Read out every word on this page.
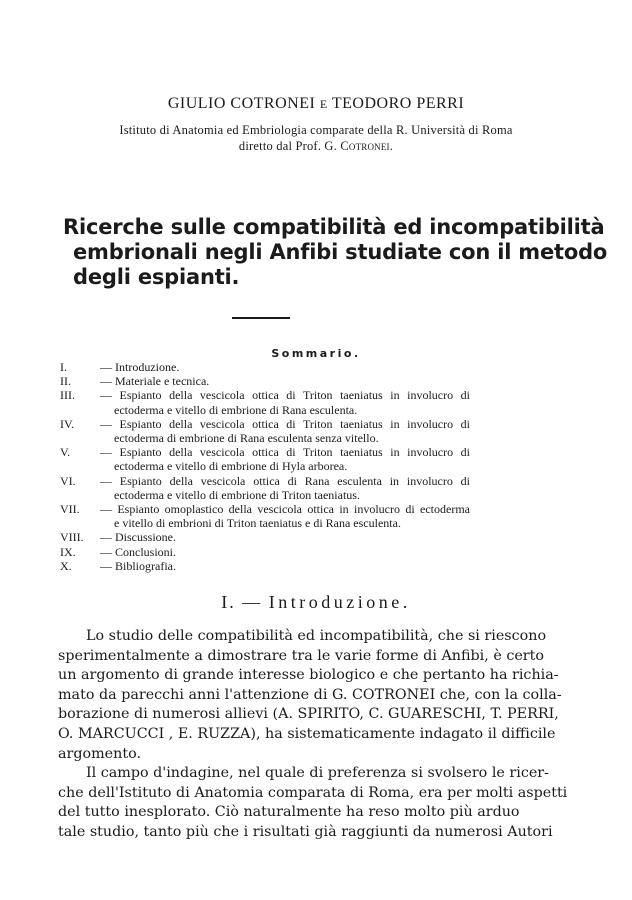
GIULIO COTRONEI E TEODORO PERRI
Istituto di Anatomia ed Embriologia comparate della R. Università di Roma
diretto dal Prof. G. Cotronei.
Ricerche sulle compatibilità ed incompatibilità
embrionali negli Anfibi studiate con il metodo
degli espianti.
Sommario.
I.	— Introduzione.
II.	— Materiale e tecnica.
III.	— Espianto della vescicola ottica di Triton taeniatus in involucro di
ectoderma e vitello di embrione di Rana esculenta.
IV.	— Espianto della vescicola ottica di Triton taeniatus in involucro di
ectoderma di embrione di Rana esculenta senza vitello.
V.	— Espianto della vescicola ottica di Triton taeniatus in involucro di
ectoderma e vitello di embrione di Hyla arborea.
VI.	— Espianto della vescicola ottica di Rana esculenta in involucro di
ectoderma e vitello di embrione di Triton taeniatus.
VII.	— Espianto omoplastico della vescicola ottica in involucro di ectoderma
e vitello di embrioni di Triton taeniatus e di Rana esculenta.
VIII.	— Discussione.
IX.	— Conclusioni.
X.	— Bibliografia.
I. — Introduzione.
Lo studio delle compatibilità ed incompatibilità, che si riescono
sperimentalmente a dimostrare tra le varie forme di Anfibi, è certo
un argomento di grande interesse biologico e che pertanto ha richia-
mato da parecchi anni l'attenzione di G. COTRONEI che, con la colla-
borazione di numerosi allievi (A. SPIRITO, C. GUARESCHI, T. PERRI,
O. MARCUCCI , E. RUZZA), ha sistematicamente indagato il difficile
argomento.
Il campo d'indagine, nel quale di preferenza si svolsero le ricer-
che dell'Istituto di Anatomia comparata di Roma, era per molti aspetti
del tutto inesplorato. Ciò naturalmente ha reso molto più arduo
tale studio, tanto più che i risultati già raggiunti da numerosi Autori
